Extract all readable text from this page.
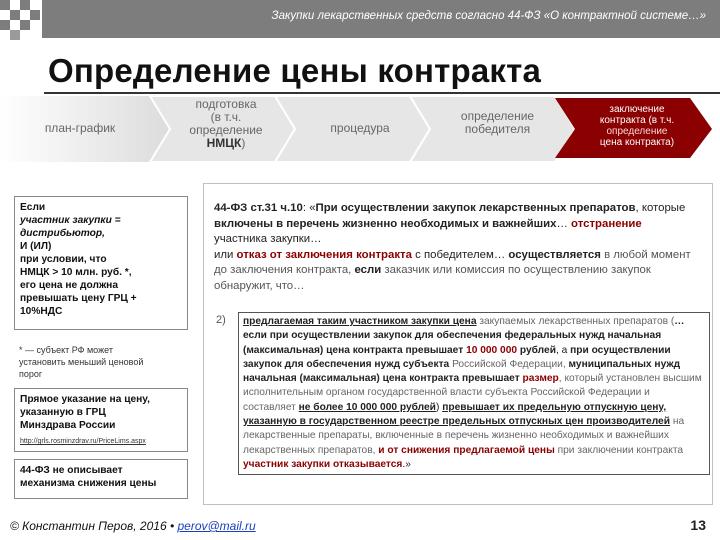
Закупки лекарственных средств согласно 44-ФЗ «О контрактной системе…»
Определение цены контракта
план-график
подготовка
(в т.ч.
определение
НМЦК)
процедура
определение
победителя
заключение
контракта (в т.ч.
определение
цена контракта)
Если
участник закупки =
дистрибьютор,
И (ИЛ)
при условии, что
НМЦК > 10 млн. руб. *,
его цена не должна
превышать цену ГРЦ +
10%НДС
* — субъект РФ может
установить меньший ценовой
порог
Прямое указание на цену,
указанную в ГРЦ
Минздрава России
http://grls.rosminzdrav.ru/PriceLims.aspx
44-ФЗ не описывает
механизма снижения цены
44-ФЗ ст.31 ч.10: «При осуществлении закупок лекарственных препаратов, которые включены в перечень жизненно необходимых и важнейших… отстранение участника закупки…
или отказ от заключения контракта с победителем… осуществляется в любой момент до заключения контракта, если заказчик или комиссия по осуществлению закупок обнаружит, что…
2)	предлагаемая таким участником закупки цена закупаемых лекарственных препаратов (…если при осуществлении закупок для обеспечения федеральных нужд начальная (максимальная) цена контракта превышает 10 000 000 рублей, а при осуществлении закупок для обеспечения нужд субъекта Российской Федерации, муниципальных нужд начальная (максимальная) цена контракта превышает размер, который установлен высшим исполнительным органом государственной власти субъекта Российской Федерации и составляет не более 10 000 000 рублей) превышает их предельную отпускную цену, указанную в государственном реестре предельных отпускных цен производителей на лекарственные препараты, включенные в перечень жизненно необходимых и важнейших лекарственных препаратов, и от снижения предлагаемой цены при заключении контракта участник закупки отказывается.»
© Константин Перов, 2016 • perov@mail.ru	13
